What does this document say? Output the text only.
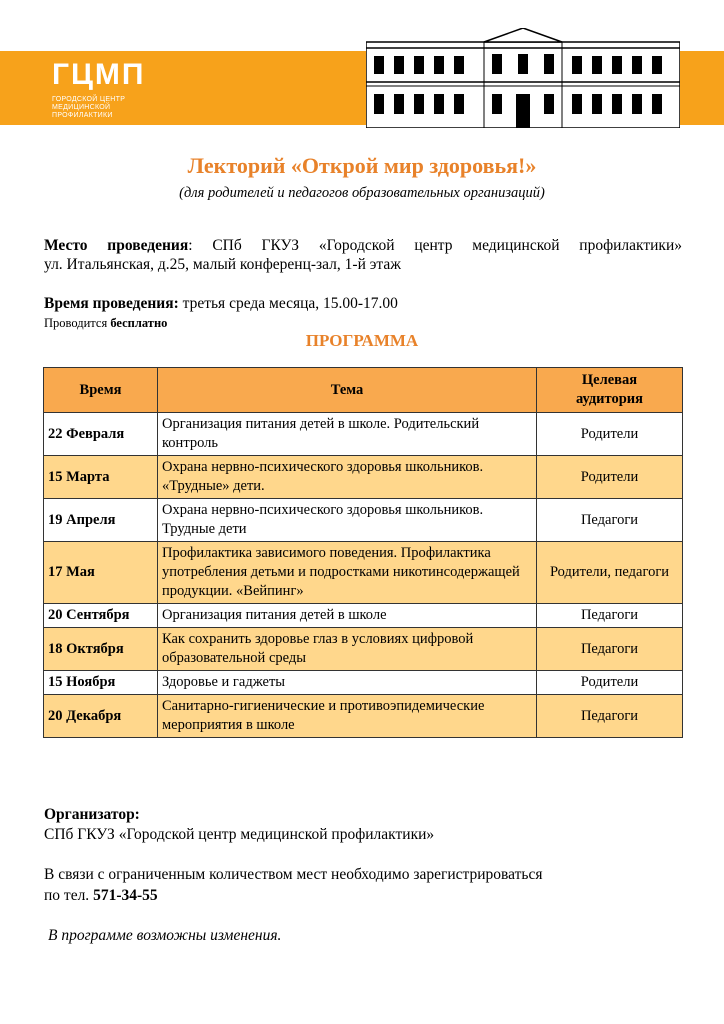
ГЦМП
ГОРОДСКОЙ ЦЕНТР
МЕДИЦИНСКОЙ
ПРОФИЛАКТИКИ
Лекторий «Открой мир здоровья!»
(для родителей и педагогов образовательных организаций)
Место проведения: СПб ГКУЗ «Городской центр медицинской профилактики»
ул. Итальянская, д.25, малый конференц-зал, 1-й этаж
Время проведения: третья среда месяца, 15.00-17.00
Проводится бесплатно
ПРОГРАММА
Время	Тема	Целевая
аудитория
22 Февраля	Организация питания детей в школе. Родительский контроль	Родители
15 Марта	Охрана нервно-психического здоровья школьников. «Трудные» дети.	Родители
19 Апреля	Охрана нервно-психического здоровья школьников. Трудные дети	Педагоги
17 Мая	Профилактика зависимого поведения. Профилактика употребления детьми и подростками никотинсодержащей продукции. «Вейпинг»	Родители, педагоги
20 Сентября	Организация питания детей в школе	Педагоги
18 Октября	Как сохранить здоровье глаз в условиях цифровой образовательной среды	Педагоги
15 Ноября	Здоровье и гаджеты	Родители
20 Декабря	Санитарно-гигиенические и противоэпидемические мероприятия в школе	Педагоги
Организатор:
СПб ГКУЗ «Городской центр медицинской профилактики»
В связи с ограниченным количеством мест необходимо зарегистрироваться
по тел. 571-34-55
В программе возможны изменения.
